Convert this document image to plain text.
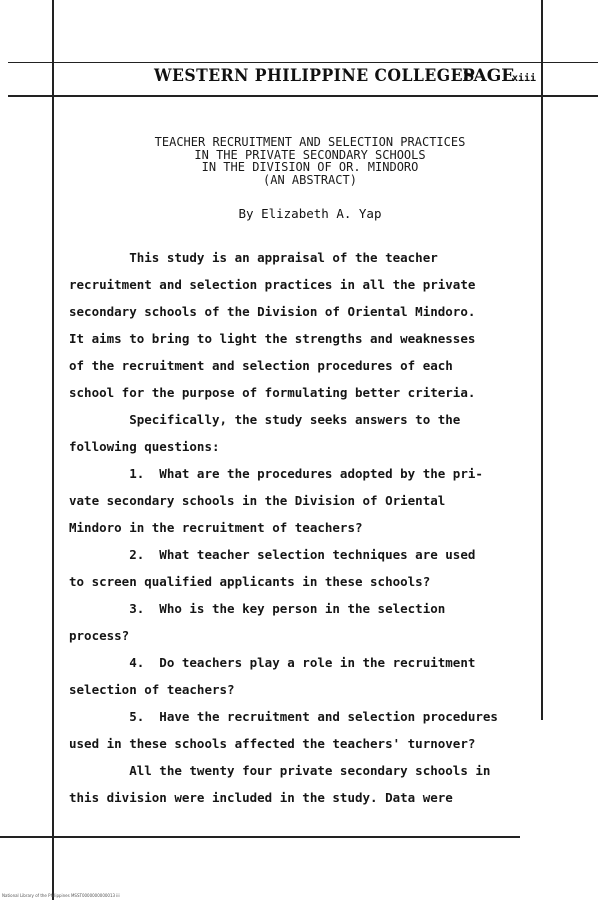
WESTERN PHILIPPINE COLLEGES
PAGE
xiii
TEACHER RECRUITMENT AND SELECTION PRACTICES
IN THE PRIVATE SECONDARY SCHOOLS
IN THE DIVISION OF OR. MINDORO
(AN ABSTRACT)
By Elizabeth A. Yap

This study is an appraisal of the teacher

recruitment and selection practices in all the private

secondary schools of the Division of Oriental Mindoro.

It aims to bring to light the strengths and weaknesses

of the recruitment and selection procedures of each

school for the purpose of formulating better criteria.

Specifically, the study seeks answers to the

following questions:

1.  What are the procedures adopted by the pri-

vate secondary schools in the Division of Oriental

Mindoro in the recruitment of teachers?

2.  What teacher selection techniques are used

to screen qualified applicants in these schools?

3.  Who is the key person in the selection

process?

4.  Do teachers play a role in the recruitment

selection of teachers?

5.  Have the recruitment and selection procedures

used in these schools affected the teachers' turnover?

All the twenty four private secondary schools in

this division were included in the study. Data were

National Library of the Philippines MSST0000000000013 iii
